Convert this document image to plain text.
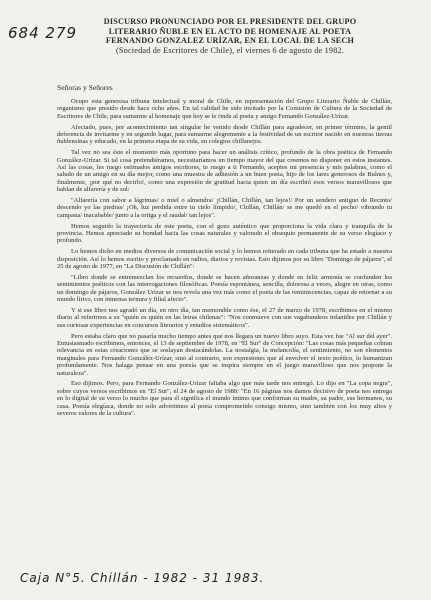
684 279
DISCURSO PRONUNCIADO POR EL PRESIDENTE DEL GRUPO
LITERARIO ÑUBLE EN EL ACTO DE HOMENAJE AL POETA
FERNANDO GONZALEZ URÍZAR, EN EL LOCAL DE LA SECH
(Sociedad de Escritores de Chile), el viernes 6 de agosto de 1982.
Señoras y Señores

Ocupo esta generosa tribuna intelectual y moral de Chile, en representación del Grupo Literario Ñuble de Chillán, organismo que presido desde hace ocho años. En tal calidad he sido invitado por la Comisión de Cultura de la Sociedad de Escritores de Chile, para sumarme al homenaje que hoy se le rinde al poeta y amigo Fernando González-Urízar.

Afectado, pues, por acontecimiento tan singular he venido desde Chillán para agradecer, en primer término, la gentil deferencia de invitarme y en segundo lugar, para sumarme alegremente a la festividad de un escritor nacido en nuestras tierras ñublensinas y educado, en la primera etapa de su vida, en colegios chillanejos.

Tal vez no sea éste el momento más oportuno para hacer un análisis crítico, profundo de la obra poética de Fernando González-Urízar. Si tal cosa pretendiéramos, necesitaríamos un tiempo mayor del que creemos no disponer en estos instantes. Así las cosas, les ruego estimados amigos escritores, te ruego a ti Fernando, aceptes mi presencia y mis palabras, como el saludo de un amigo en su día mejor, como una muestra de adhesión a un buen poeta, hijo de los lares generosos de Bulnes y, finalmente, ¡por qué no decirlo!, como una expresión de gratitud hacia quien un día escribió esos versos maravillosos que hablan de alfarería y de sol:

"Alfarería con sabor a lágrimas/ o miel o almendra/ ¡Chillán, Chillán, tan lejos!/ Por un sendero antiguo de Recinto/ descendo yo las piedras/ ¡Oh, luz perdida entre tu cielo límpido/, Chillán, Chillán/ se me quedó en el pecho/ vibrando tu campana/ inacabable/ junto a la ortiga y el raudal/ tan lejos".

Hemos seguido la trayectoria de este poeta, con el gozo auténtico que proporciona la vida clara y tranquila de la provincia. Hemos apreciado su bondad hacia las cosas naturales y valorado el obsequio permanente de su verso elegíaco y profundo.

Lo hemos dicho en medios diversos de comunicación social y lo hemos reiterado en cada tribuna que ha estado a nuestra disposición. Así lo hemos escrito y proclamado en radios, diarios y revistas. Esto dijimos por su libro "Domingo de pájaros", el 25 de agosto de 1977, en "La Discusión de Chillán":

"Libro donde se entremezclan los recuerdos, donde se hacen añoranzas y donde en feliz armonía se confunden los sentimientos poéticos con las interrogaciones filosóficas. Poesía espontánea, sencilla, dolorosa a veces, alegre en otras, como un domingo de pájaros, González Urízar se nos revela una vez más como el poeta de las reminiscencias, capaz de retornar a su mundo lírico, con inmensa ternura y filial afecto".

Y si ese libro nos agradó un día, en otro día, tan memorable como ése, el 27 de marzo de 1978, escribimos en el mismo diario al referirnos a su "quién es quién en las letras chilenas": "Nos conmueve con sus vagabundeos infantiles por Chillán y sus curiosas experiencias en concursos literarios y estudios sistemáticos".

Pero estaba claro que no pasaría mucho tiempo antes que nos llegara un nuevo libro suyo. Esta vez fue "Al sur del ayer". Entusiasmado escribimos, entonces, el 13 de septiembre de 1978, en "El Sur" de Concepción: "Las cosas más pequeñas cobran relevancia en estas creaciones que se soslayan destacándolas. La nostalgia, la melancolía, el sentimiento, no son elementos marginales para Fernando González-Urízar, sino al contrario, son expresiones que al envolver el texto poético, lo humanizan profundamente. Nos halaga pensar en una poesía que se inspira siempre en el juego maravilloso que nos propone la naturaleza".

Eso dijimos. Pero, para Fernando González-Urízar faltaba algo que más tarde nos entregó. Lo dijo en "La copa negra", sobre cuyos versos escribimos en "El Sur", el 24 de agosto de 1980: "En 16 páginas nos damos decisivo de poeta nos entrega en lo digital de su verso lo mucho que para él significa el mundo íntimo que conforman su madre, su padre, sus hermanos, su casa. Poesía elegíaca, donde no solo advertimos al poeta comprometido consigo mismo, sino también con los muy altos y severos valores de la cultura".

Caja N°5. Chillán - 1982 - 31 1983.
